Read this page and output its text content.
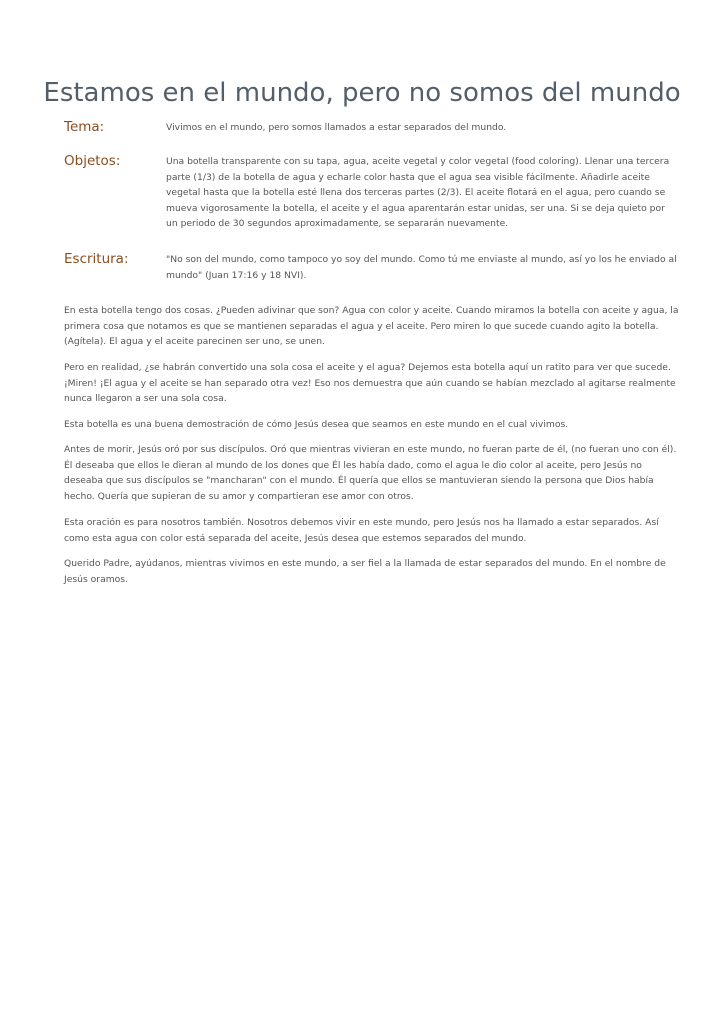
Estamos en el mundo, pero no somos del mundo
Tema:	Vivimos en el mundo, pero somos llamados a estar separados del mundo.

Objetos:	Una botella transparente con su tapa, agua, aceite vegetal y color vegetal (food coloring). Llenar una tercera parte (1/3) de la botella de agua y echarle color hasta que el agua sea visible fácilmente. Añadirle aceite vegetal hasta que la botella esté llena dos terceras partes (2/3). El aceite flotará en el agua, pero cuando se mueva vigorosamente la botella, el aceite y el agua aparentarán estar unidas, ser una. Si se deja quieto por un periodo de 30 segundos aproximadamente, se separarán nuevamente.

Escritura:	"No son del mundo, como tampoco yo soy del mundo. Como tú me enviaste al mundo, así yo los he enviado al mundo" (Juan 17:16 y 18 NVI).

En esta botella tengo dos cosas. ¿Pueden adivinar que son? Agua con color y aceite. Cuando miramos la botella con aceite y agua, la primera cosa que notamos es que se mantienen separadas el agua y el aceite. Pero miren lo que sucede cuando agito la botella. (Agítela). El agua y el aceite parecinen ser uno, se unen.

Pero en realidad, ¿se habrán convertido una sola cosa el aceite y el agua? Dejemos esta botella aquí un ratito para ver que sucede. ¡Miren! ¡El agua y el aceite se han separado otra vez! Eso nos demuestra que aún cuando se habían mezclado al agitarse realmente nunca llegaron a ser una sola cosa.

Esta botella es una buena demostración de cómo Jesús desea que seamos en este mundo en el cual vivimos.

Antes de morir, Jesús oró por sus discípulos. Oró que mientras vivieran en este mundo, no fueran parte de él, (no fueran uno con él). Él deseaba que ellos le dieran al mundo de los dones que Él les había dado, como el agua le dio color al aceite, pero Jesús no deseaba que sus discípulos se "mancharan" con el mundo. Él quería que ellos se mantuvieran siendo la persona que Dios había hecho. Quería que supieran de su amor y compartieran ese amor con otros.

Esta oración es para nosotros también. Nosotros debemos vivir en este mundo, pero Jesús nos ha llamado a estar separados. Así como esta agua con color está separada del aceite, Jesús desea que estemos separados del mundo.

Querido Padre, ayúdanos, mientras vivimos en este mundo, a ser fiel a la llamada de estar separados del mundo. En el nombre de Jesús oramos.
